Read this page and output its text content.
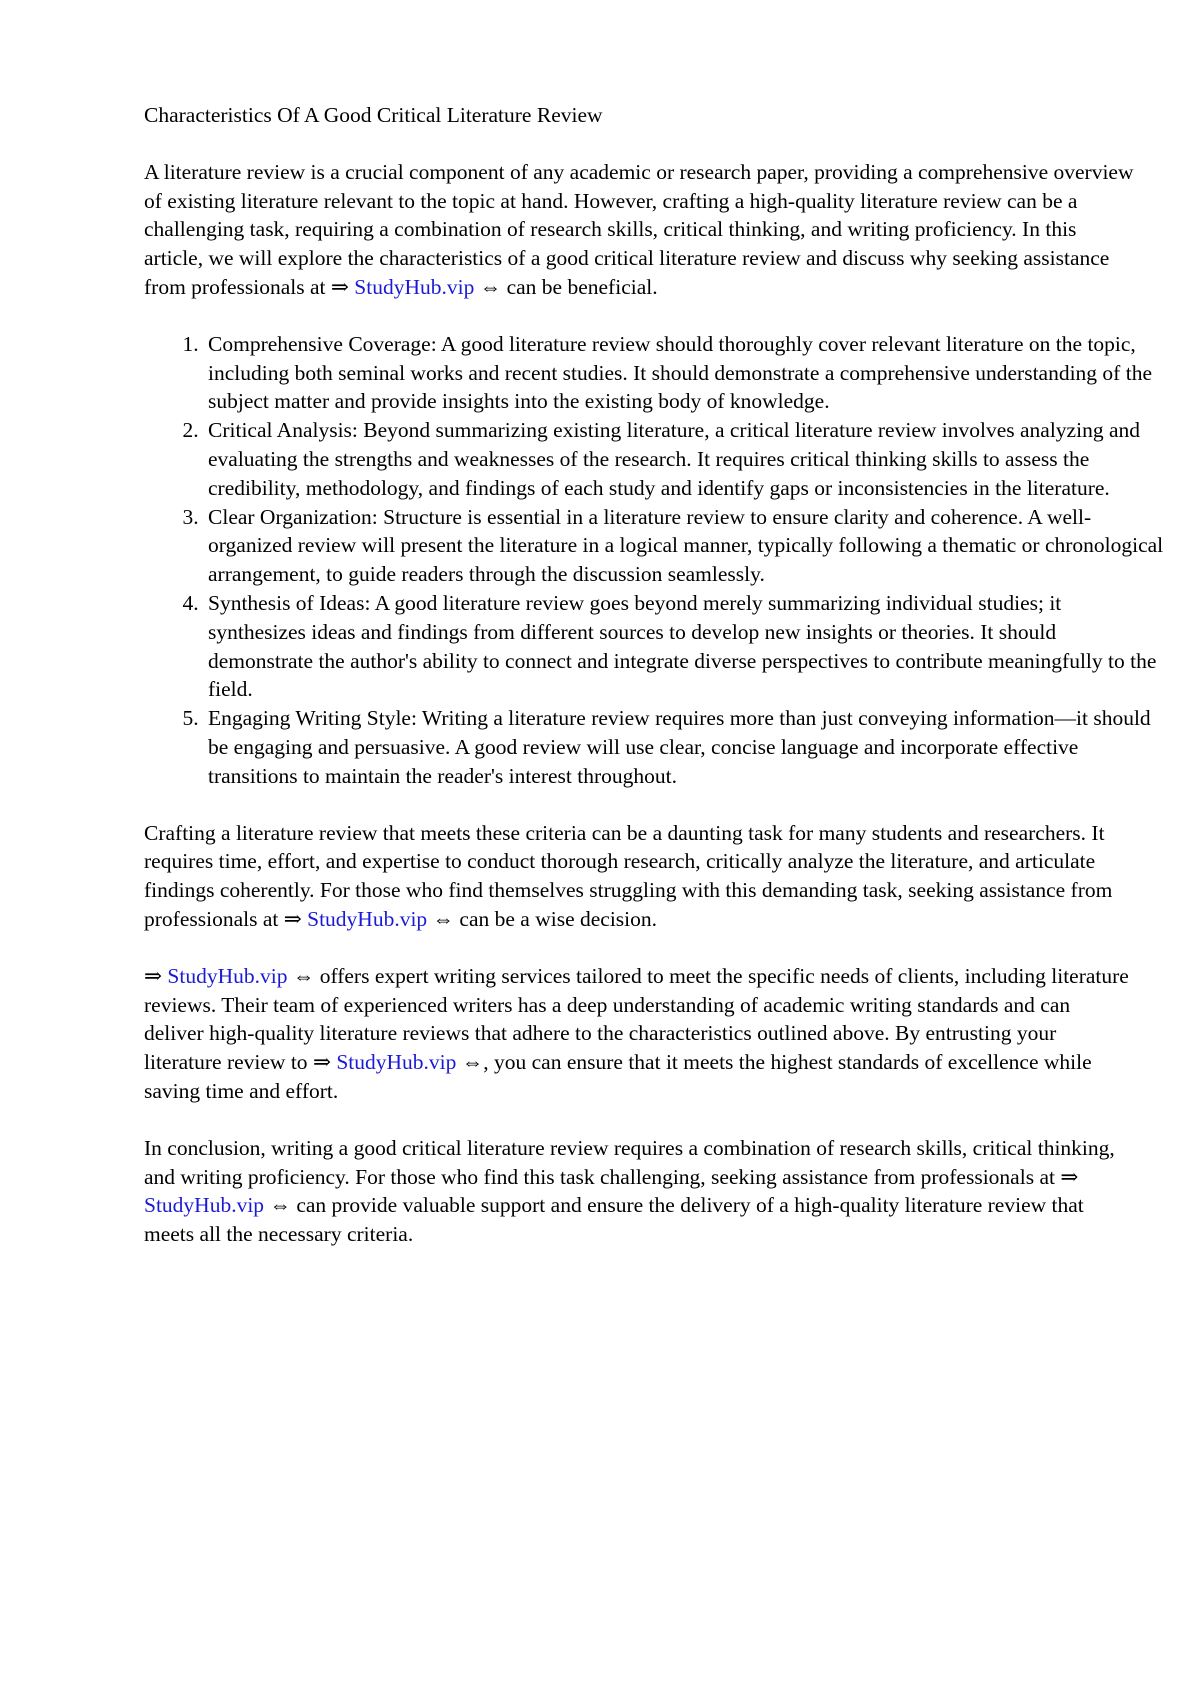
Characteristics Of A Good Critical Literature Review

A literature review is a crucial component of any academic or research paper, providing a comprehensive overview of existing literature relevant to the topic at hand. However, crafting a high-quality literature review can be a challenging task, requiring a combination of research skills, critical thinking, and writing proficiency. In this article, we will explore the characteristics of a good critical literature review and discuss why seeking assistance from professionals at ⇒ StudyHub.vip ⇔ can be beneficial.

1. Comprehensive Coverage: A good literature review should thoroughly cover relevant literature on the topic, including both seminal works and recent studies. It should demonstrate a comprehensive understanding of the subject matter and provide insights into the existing body of knowledge.
2. Critical Analysis: Beyond summarizing existing literature, a critical literature review involves analyzing and evaluating the strengths and weaknesses of the research. It requires critical thinking skills to assess the credibility, methodology, and findings of each study and identify gaps or inconsistencies in the literature.
3. Clear Organization: Structure is essential in a literature review to ensure clarity and coherence. A well-organized review will present the literature in a logical manner, typically following a thematic or chronological arrangement, to guide readers through the discussion seamlessly.
4. Synthesis of Ideas: A good literature review goes beyond merely summarizing individual studies; it synthesizes ideas and findings from different sources to develop new insights or theories. It should demonstrate the author's ability to connect and integrate diverse perspectives to contribute meaningfully to the field.
5. Engaging Writing Style: Writing a literature review requires more than just conveying information—it should be engaging and persuasive. A good review will use clear, concise language and incorporate effective transitions to maintain the reader's interest throughout.

Crafting a literature review that meets these criteria can be a daunting task for many students and researchers. It requires time, effort, and expertise to conduct thorough research, critically analyze the literature, and articulate findings coherently. For those who find themselves struggling with this demanding task, seeking assistance from professionals at ⇒ StudyHub.vip ⇔ can be a wise decision.

⇒ StudyHub.vip ⇔ offers expert writing services tailored to meet the specific needs of clients, including literature reviews. Their team of experienced writers has a deep understanding of academic writing standards and can deliver high-quality literature reviews that adhere to the characteristics outlined above. By entrusting your literature review to ⇒ StudyHub.vip ⇔, you can ensure that it meets the highest standards of excellence while saving time and effort.

In conclusion, writing a good critical literature review requires a combination of research skills, critical thinking, and writing proficiency. For those who find this task challenging, seeking assistance from professionals at ⇒ StudyHub.vip ⇔ can provide valuable support and ensure the delivery of a high-quality literature review that meets all the necessary criteria.
